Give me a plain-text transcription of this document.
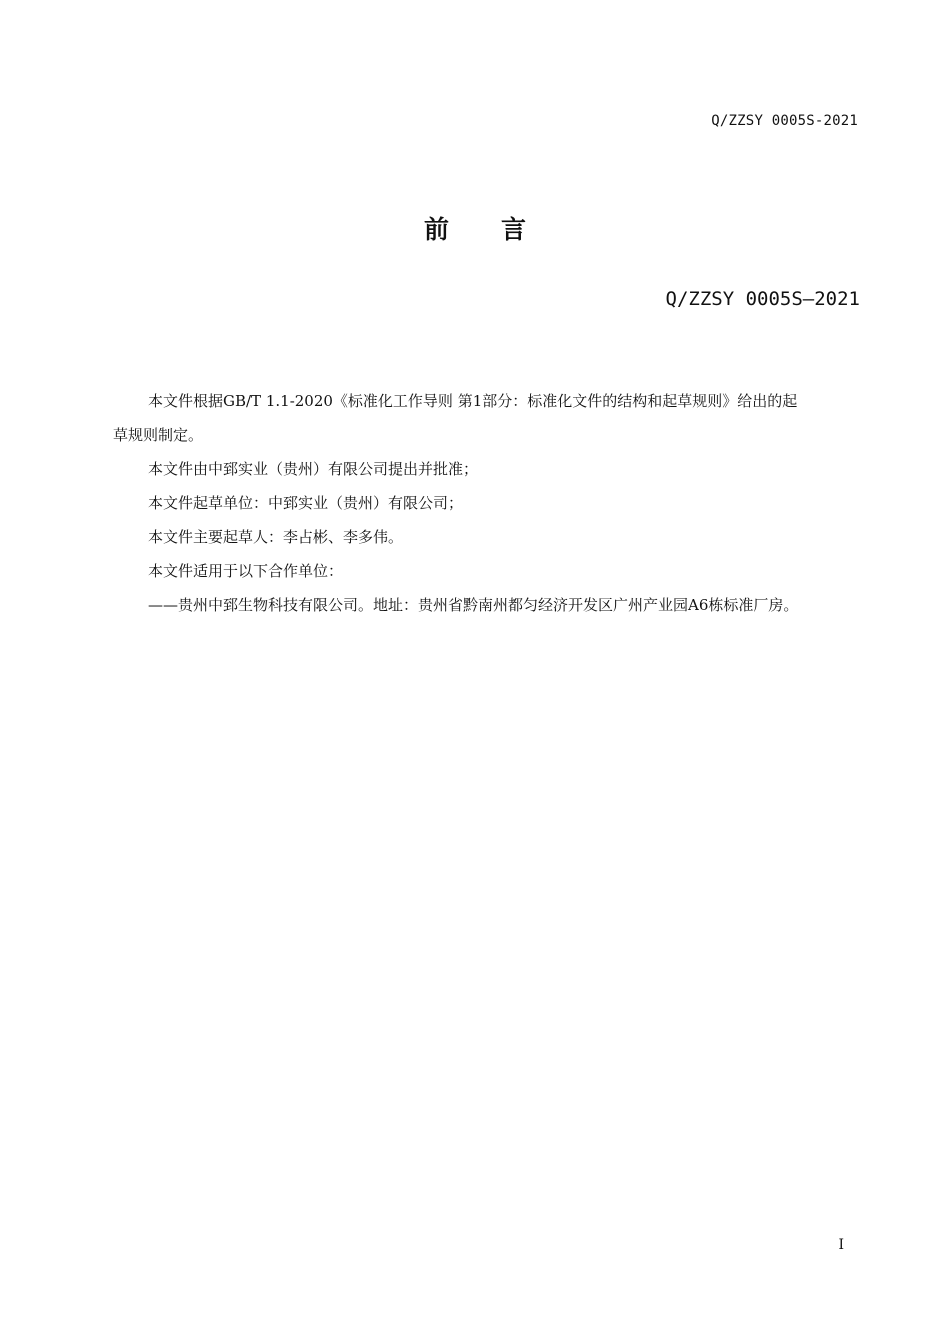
Q/ZZSY 0005S-2021
前 言
Q/ZZSY 0005S—2021

本文件根据GB/T 1.1-2020《标准化工作导则 第1部分：标准化文件的结构和起草规则》给出的起

草规则制定。

本文件由中郅实业（贵州）有限公司提出并批准；

本文件起草单位：中郅实业（贵州）有限公司；

本文件主要起草人：李占彬、李多伟。

本文件适用于以下合作单位：

——贵州中郅生物科技有限公司。地址：贵州省黔南州都匀经济开发区广州产业园A6栋标准厂房。

I
